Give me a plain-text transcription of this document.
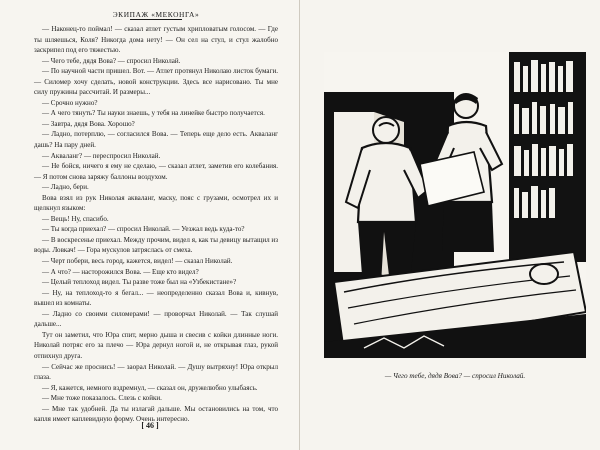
ЭКИПАЖ «МЕКОНГА»

— Наконец-то поймал! — сказал атлет густым хрипловатым голосом. — Где ты шляешься, Коля? Никогда дома нету! — Он сел на стул, и стул жалобно заскрипел под его тяжестью.

— Чего тебе, дядя Вова? — спросил Николай.

— По научной части пришел. Вот. — Атлет протянул Николаю листок бумаги. — Силомер хочу сделать, новой конструкции. Здесь все нарисовано. Ты мне силу пружины рассчитай. И размеры...

— Срочно нужно?

— А чего тянуть? Ты науки знаешь, у тебя на линейке быстро получается.

— Завтра, дядя Вова. Хорошо?

— Ладно, потерплю, — согласился Вова. — Теперь еще дело есть. Акваланг дашь? На пару дней.

— Акваланг? — переспросил Николай.

— Не бойся, ничего я ему не сделаю, — сказал атлет, заметив его колебания. — Я потом снова заряжу баллоны воздухом.

— Ладно, бери.

Вова взял из рук Николая акваланг, маску, пояс с грузами, осмотрел их и щелкнул языком:

— Вещь! Ну, спасибо.

— Ты когда приехал? — спросил Николай. — Уезжал ведь куда-то?

— В воскресенье приехал. Между прочим, видел я, как ты девицу вытащил из воды. Ловкач! — Гора мускулов затряслась от смеха.

— Черт побери, весь город, кажется, видел! — сказал Николай.

— А что? — насторожился Вова. — Еще кто видел?

— Целый теплоход видел. Ты разве тоже был на «Узбекистане»?

— Ну, на теплоход-то я бегал... — неопределенно сказал Вова и, кивнув, вышел из комнаты.

— Ладно со своими силомерами! — проворчал Николай. — Так слушай дальше...

Тут он заметил, что Юра спит, мерно дыша и свесив с койки длинные ноги. Николай потряс его за плечо — Юра дернул ногой и, не открывая глаз, рукой отпихнул друга.

— Сейчас же проснись! — заорал Николай. — Душу вытряхну! Юра открыл глаза.

— Я, кажется, немного вздремнул, — сказал он, дружелюбно улыбаясь.

— Мне тоже показалось. Слезь с койки.

— Мне так удобней. Да ты излагай дальше. Мы остановились на том, что капля имеет каплевидную форму. Очень интересно.

[ 46 ]
— Чего тебе, дядя Вова? — спросил Николай.
